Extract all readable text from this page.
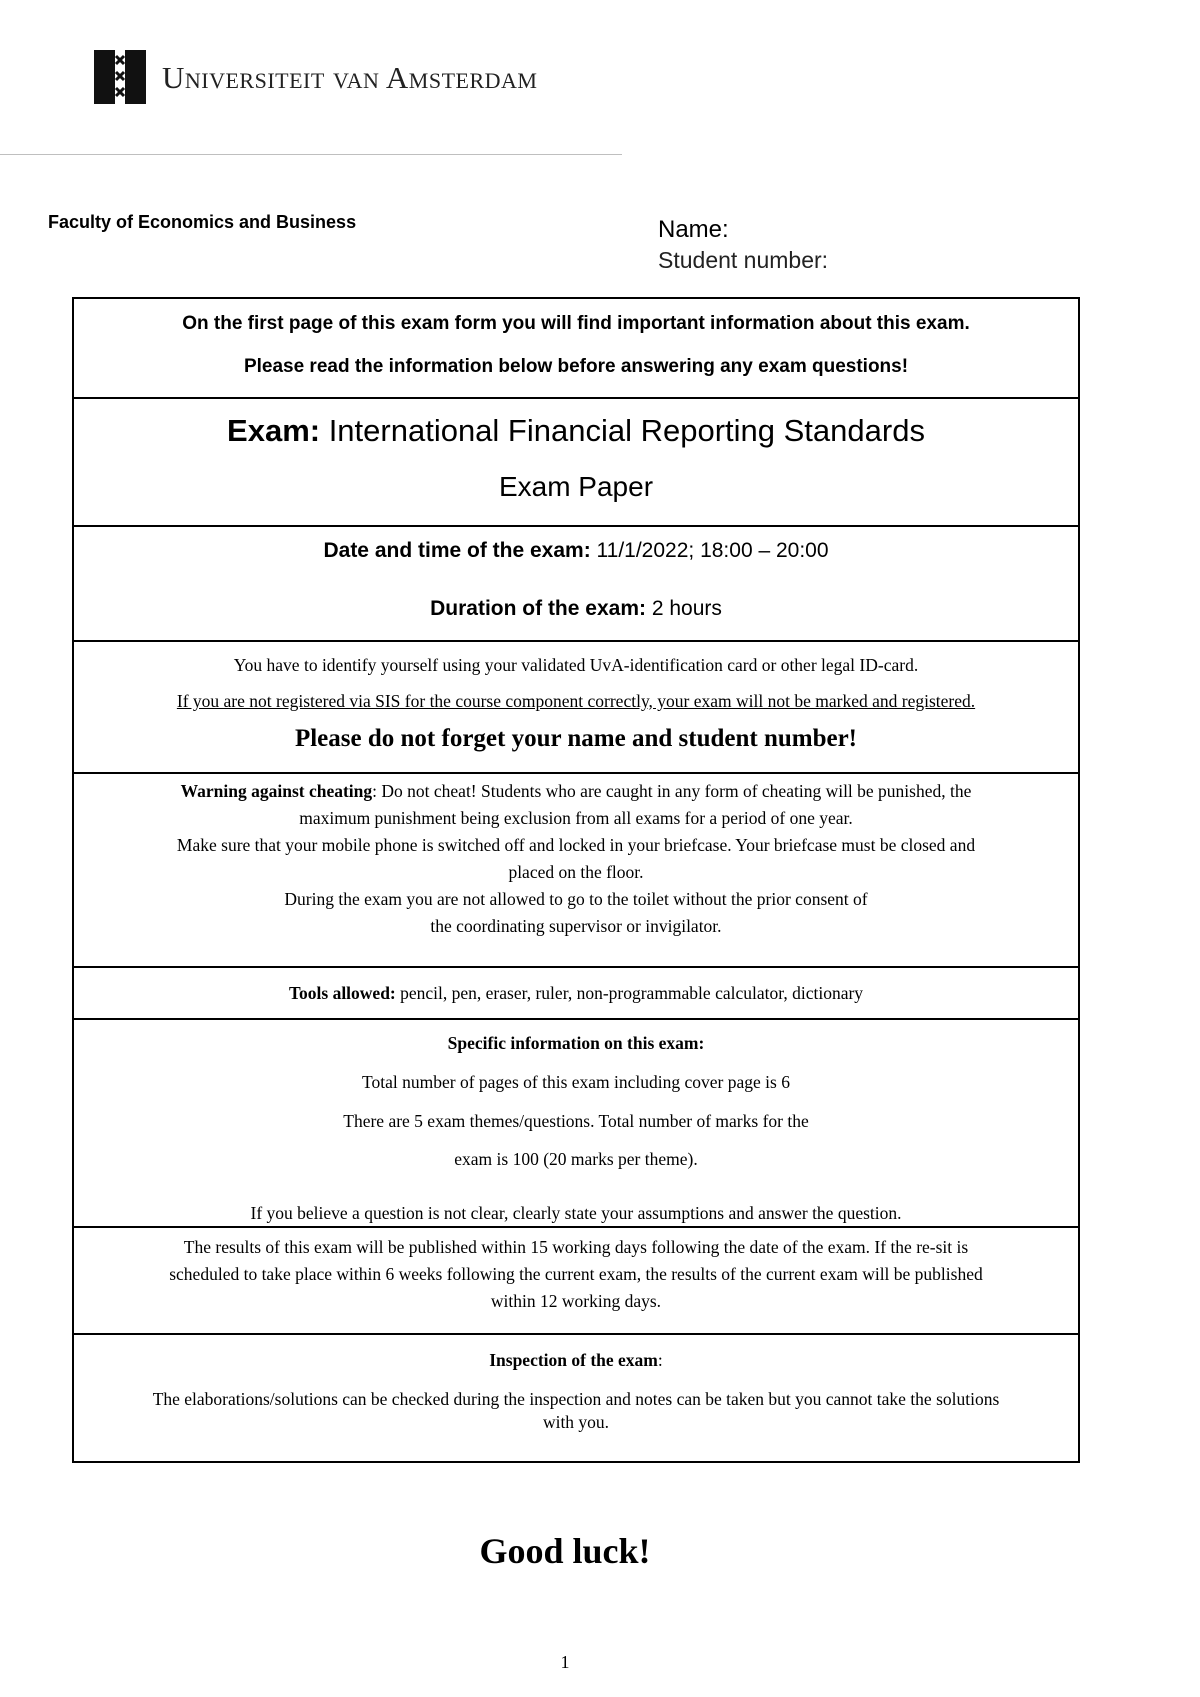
Universiteit van Amsterdam
Faculty of Economics and Business	Name:
Student number:

On the first page of this exam form you will find important information about this exam.

Please read the information below before answering any exam questions!

Exam: International Financial Reporting Standards
Exam Paper
Date and time of the exam: 11/1/2022; 18:00 – 20:00
Duration of the exam: 2 hours
You have to identify yourself using your validated UvA-identification card or other legal ID-card.
If you are not registered via SIS for the course component correctly, your exam will not be marked and registered.
Please do not forget your name and student number!
Warning against cheating: Do not cheat! Students who are caught in any form of cheating will be punished, the
maximum punishment being exclusion from all exams for a period of one year.
Make sure that your mobile phone is switched off and locked in your briefcase. Your briefcase must be closed and
placed on the floor.
During the exam you are not allowed to go to the toilet without the prior consent of
the coordinating supervisor or invigilator.
Tools allowed: pencil, pen, eraser, ruler, non-programmable calculator, dictionary
Specific information on this exam:
Total number of pages of this exam including cover page is 6
There are 5 exam themes/questions. Total number of marks for the
exam is 100 (20 marks per theme).
If you believe a question is not clear, clearly state your assumptions and answer the question.
The results of this exam will be published within 15 working days following the date of the exam. If the re-sit is
scheduled to take place within 6 weeks following the current exam, the results of the current exam will be published
within 12 working days.
Inspection of the exam:
The elaborations/solutions can be checked during the inspection and notes can be taken but you cannot take the solutions
with you.
Good luck!
1
